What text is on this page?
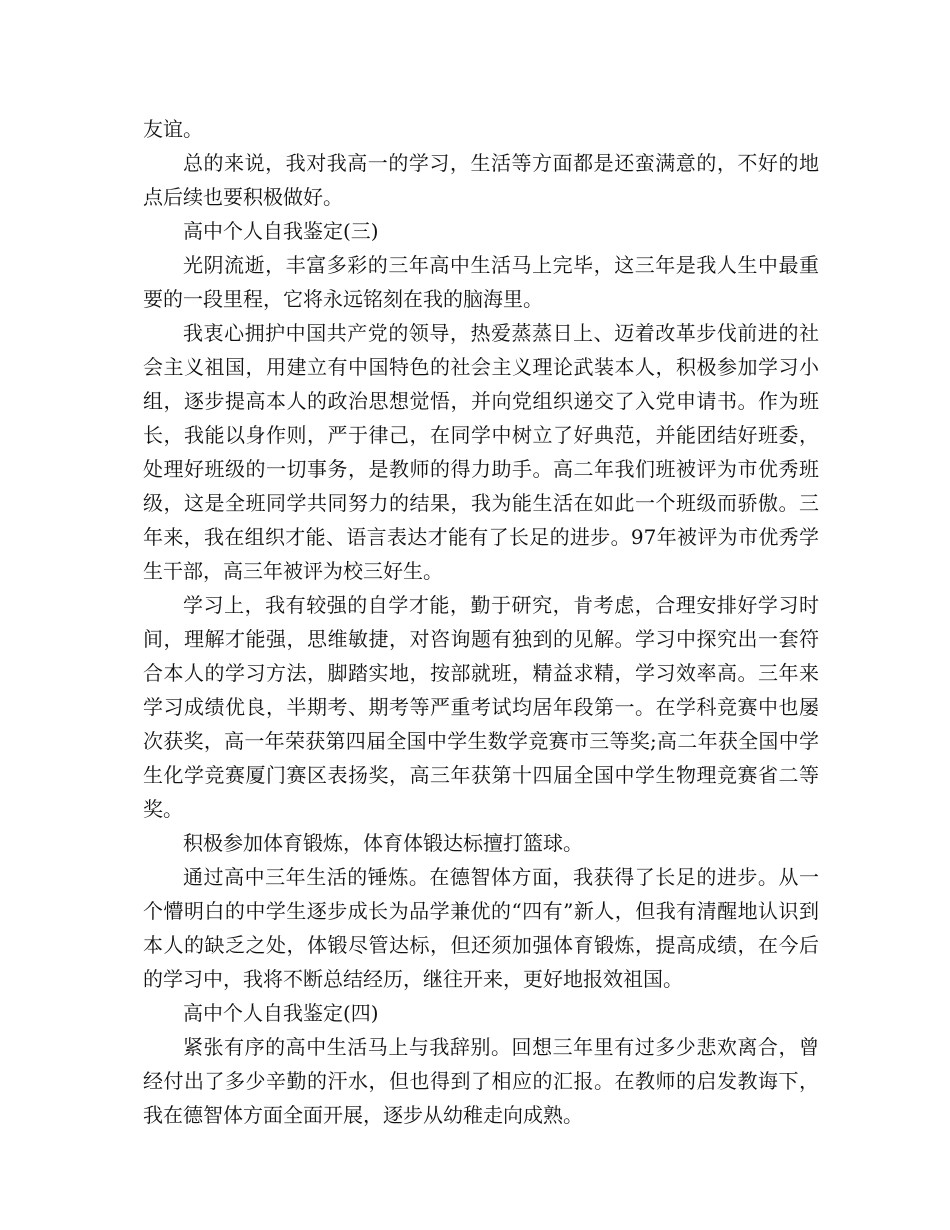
友谊。

总的来说，我对我高一的学习，生活等方面都是还蛮满意的，不好的地点后续也要积极做好。

高中个人自我鉴定(三)

光阴流逝，丰富多彩的三年高中生活马上完毕，这三年是我人生中最重要的一段里程，它将永远铭刻在我的脑海里。

我衷心拥护中国共产党的领导，热爱蒸蒸日上、迈着改革步伐前进的社会主义祖国，用建立有中国特色的社会主义理论武装本人，积极参加学习小组，逐步提高本人的政治思想觉悟，并向党组织递交了入党申请书。作为班长，我能以身作则，严于律己，在同学中树立了好典范，并能团结好班委，处理好班级的一切事务，是教师的得力助手。高二年我们班被评为市优秀班级，这是全班同学共同努力的结果，我为能生活在如此一个班级而骄傲。三年来，我在组织才能、语言表达才能有了长足的进步。97年被评为市优秀学生干部，高三年被评为校三好生。

学习上，我有较强的自学才能，勤于研究，肯考虑，合理安排好学习时间，理解才能强，思维敏捷，对咨询题有独到的见解。学习中探究出一套符合本人的学习方法，脚踏实地，按部就班，精益求精，学习效率高。三年来学习成绩优良，半期考、期考等严重考试均居年段第一。在学科竞赛中也屡次获奖，高一年荣获第四届全国中学生数学竞赛市三等奖;高二年获全国中学生化学竞赛厦门赛区表扬奖，高三年获第十四届全国中学生物理竞赛省二等奖。

积极参加体育锻炼，体育体锻达标擅打篮球。

通过高中三年生活的锤炼。在德智体方面，我获得了长足的进步。从一个懵明白的中学生逐步成长为品学兼优的“四有”新人，但我有清醒地认识到本人的缺乏之处，体锻尽管达标，但还须加强体育锻炼，提高成绩，在今后的学习中，我将不断总结经历，继往开来，更好地报效祖国。

高中个人自我鉴定(四)

紧张有序的高中生活马上与我辞别。回想三年里有过多少悲欢离合，曾经付出了多少辛勤的汗水，但也得到了相应的汇报。在教师的启发教诲下，我在德智体方面全面开展，逐步从幼稚走向成熟。
